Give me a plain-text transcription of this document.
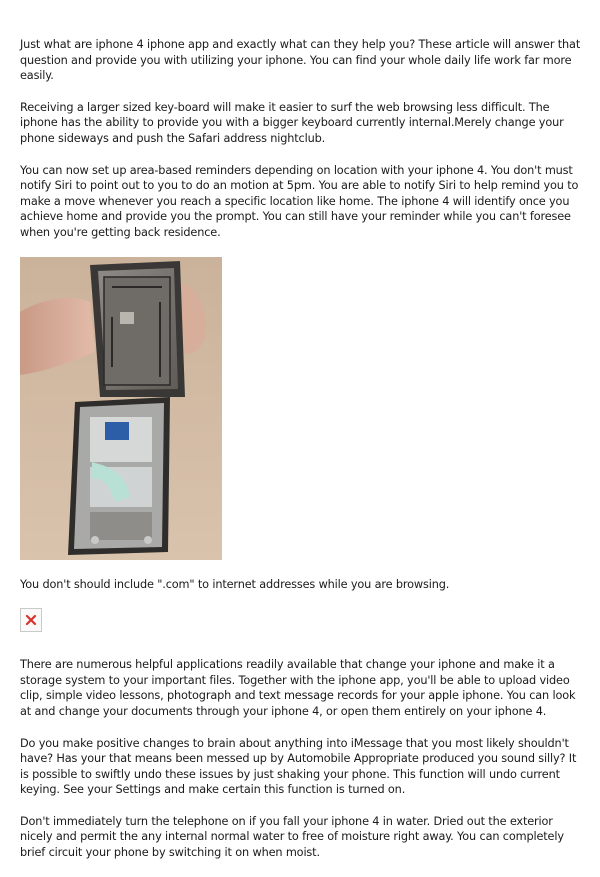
Just what are iphone 4 iphone app and exactly what can they help you? These article will answer that question and provide you with utilizing your iphone. You can find your whole daily life work far more easily.

Receiving a larger sized key-board will make it easier to surf the web browsing less difficult. The iphone has the ability to provide you with a bigger keyboard currently internal.Merely change your phone sideways and push the Safari address nightclub.

You can now set up area-based reminders depending on location with your iphone 4. You don't must notify Siri to point out to you to do an motion at 5pm. You are able to notify Siri to help remind you to make a move whenever you reach a specific location like home. The iphone 4 will identify once you achieve home and provide you the prompt. You can still have your reminder while you can't foresee when you're getting back residence.

You don't should include ".com" to internet addresses while you are browsing.

There are numerous helpful applications readily available that change your iphone and make it a storage system to your important files. Together with the iphone app, you'll be able to upload video clip, simple video lessons, photograph and text message records for your apple iphone. You can look at and change your documents through your iphone 4, or open them entirely on your iphone 4.

Do you make positive changes to brain about anything into iMessage that you most likely shouldn't have? Has your that means been messed up by Automobile Appropriate produced you sound silly? It is possible to swiftly undo these issues by just shaking your phone. This function will undo current keying. See your Settings and make certain this function is turned on.

Don't immediately turn the telephone on if you fall your iphone 4 in water. Dried out the exterior nicely and permit the any internal normal water to free of moisture right away. You can completely brief circuit your phone by switching it on when moist.
